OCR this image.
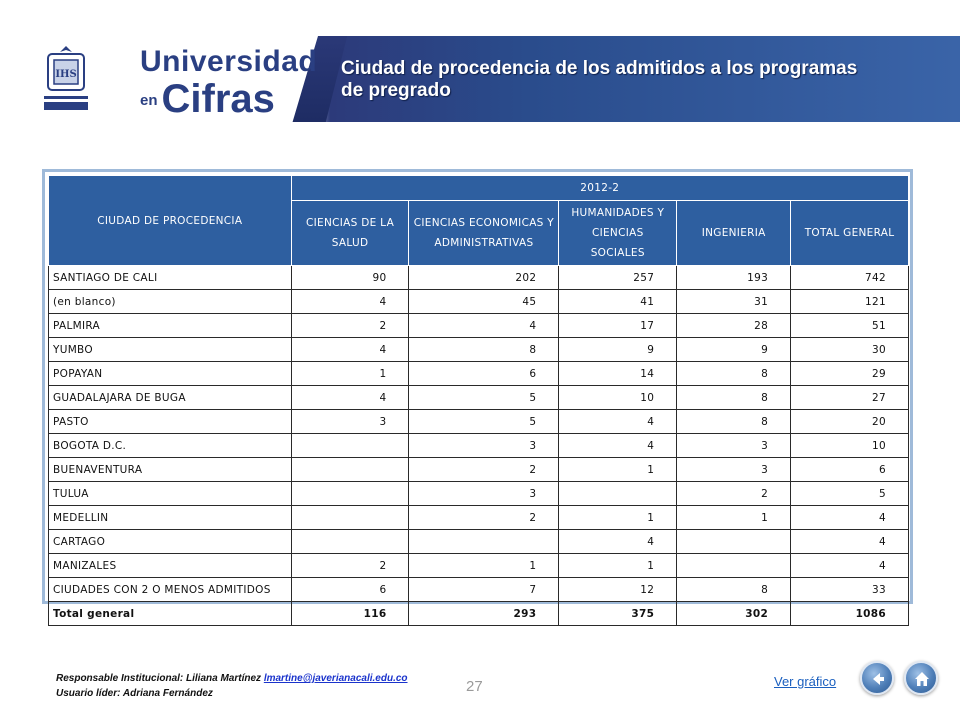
IHS Universidad
en Cifras
Ciudad de procedencia de los admitidos a los programas de pregrado
CIUDAD DE PROCEDENCIA	2012-2				
	CIENCIAS DE LA SALUD	CIENCIAS ECONOMICAS Y ADMINISTRATIVAS	HUMANIDADES Y CIENCIAS SOCIALES	INGENIERIA	TOTAL GENERAL
SANTIAGO DE CALI	90	202	257	193	742
(en blanco)	4	45	41	31	121
PALMIRA	2	4	17	28	51
YUMBO	4	8	9	9	30
POPAYAN	1	6	14	8	29
GUADALAJARA DE BUGA	4	5	10	8	27
PASTO	3	5	4	8	20
BOGOTA D.C.		3	4	3	10
BUENAVENTURA		2	1	3	6
TULUA		3		2	5
MEDELLIN		2	1	1	4
CARTAGO			4		4
MANIZALES	2	1	1		4
CIUDADES CON 2 O MENOS ADMITIDOS	6	7	12	8	33
Total general	116	293	375	302	1086
Responsable Institucional: Liliana Martínez lmartine@javerianacali.edu.co
Usuario líder: Adriana Fernández	27	Ver gráfico
